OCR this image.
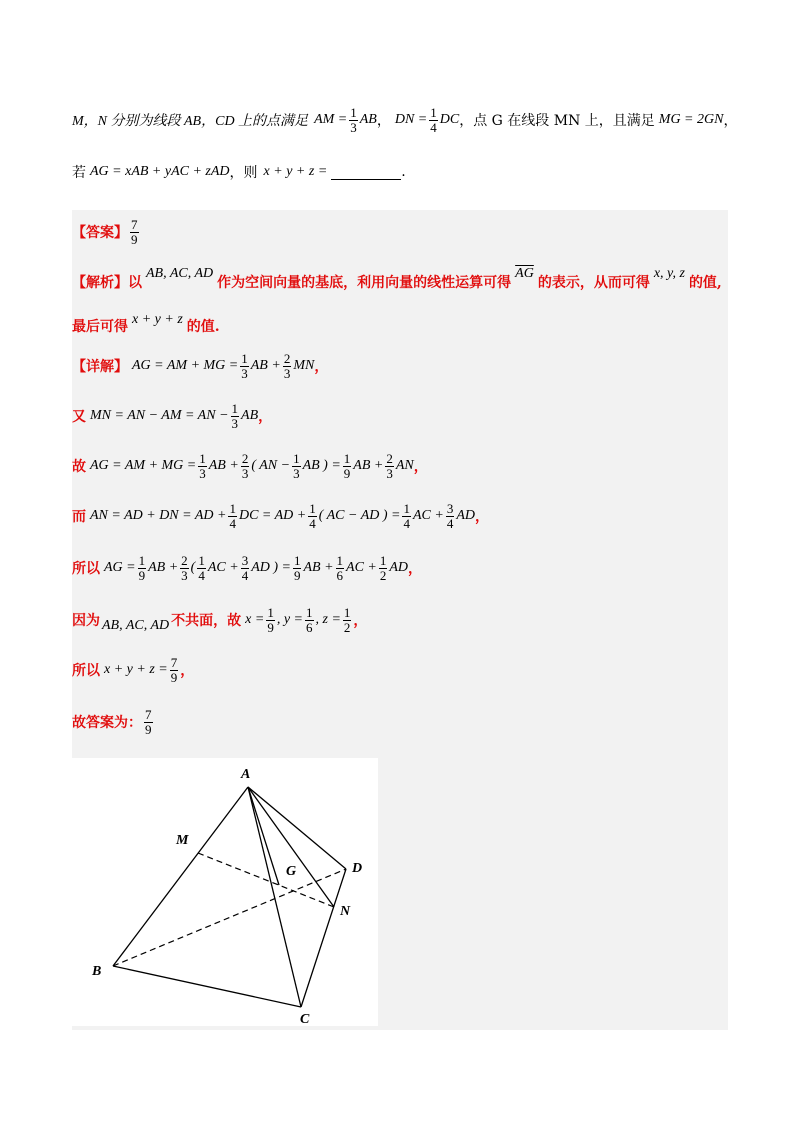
M，N 分别为线段 AB，CD 上的点满足 AM = $\frac{1}{3}$ AB ， DN = $\frac{1}{4}$ DC ，点 G 在线段 MN 上，且满足 MG = 2GN ，
若 AG = xAB + yAC + zAD ，则 x + y + z =	.
【答案】 $\frac{7}{9}$
【解析】以
AB, AC, AD
作为空间向量的基底，利用向量的线性运算可得
$\overline{AG}$
的表示，从而可得
x, y, z
的值,
最后可得 x + y + z 的值.
【详解】 AG = AM + MG = $\frac{1}{3}$ AB + $\frac{2}{3}$ MN ，
又 MN = AN − AM = AN − $\frac{1}{3}$ AB ，
故 AG = AM + MG = $\frac{1}{3}$ AB + $\frac{2}{3}$ ( AN − $\frac{1}{3}$ AB ) = $\frac{1}{9}$ AB + $\frac{2}{3}$ AN ，
而 AN = AD + DN = AD + $\frac{1}{4}$ DC = AD + $\frac{1}{4}$ ( AC − AD ) = $\frac{1}{4}$ AC + $\frac{3}{4}$ AD ，
所以 AG = $\frac{1}{9}$ AB + $\frac{2}{3}$ ( $\frac{1}{4}$ AC + $\frac{3}{4}$ AD ) = $\frac{1}{9}$ AB + $\frac{1}{6}$ AC + $\frac{1}{2}$ AD ，
因为 AB, AC, AD 不共面，故 $x = \frac{1}{9}$ , $y = \frac{1}{6}$ , $z = \frac{1}{2}$ ，
所以 $x + y + z = \frac{7}{9}$ ，
故答案为： $\frac{7}{9}$
A
B
C
D
M
N
G
